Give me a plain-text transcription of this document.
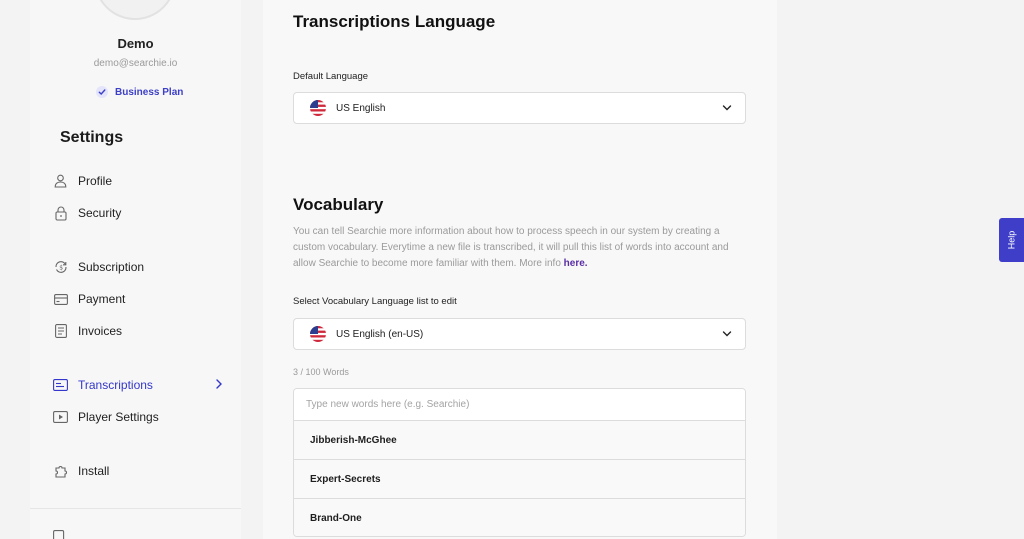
Demo
demo@searchie.io
Business Plan
Settings
Profile
Security
$ Subscription
Payment
Invoices
Transcriptions
Player Settings
Install
Transcriptions Language
Default Language
US English
Vocabulary

You can tell Searchie more information about how to process speech in our system by creating a custom vocabulary. Everytime a new file is transcribed, it will pull this list of words into account and allow Searchie to become more familiar with them. More info here.

Select Vocabulary Language list to edit
US English (en-US)
3 / 100 Words
Type new words here (e.g. Searchie)
Jibberish-McGhee
Expert-Secrets
Brand-One
Help
